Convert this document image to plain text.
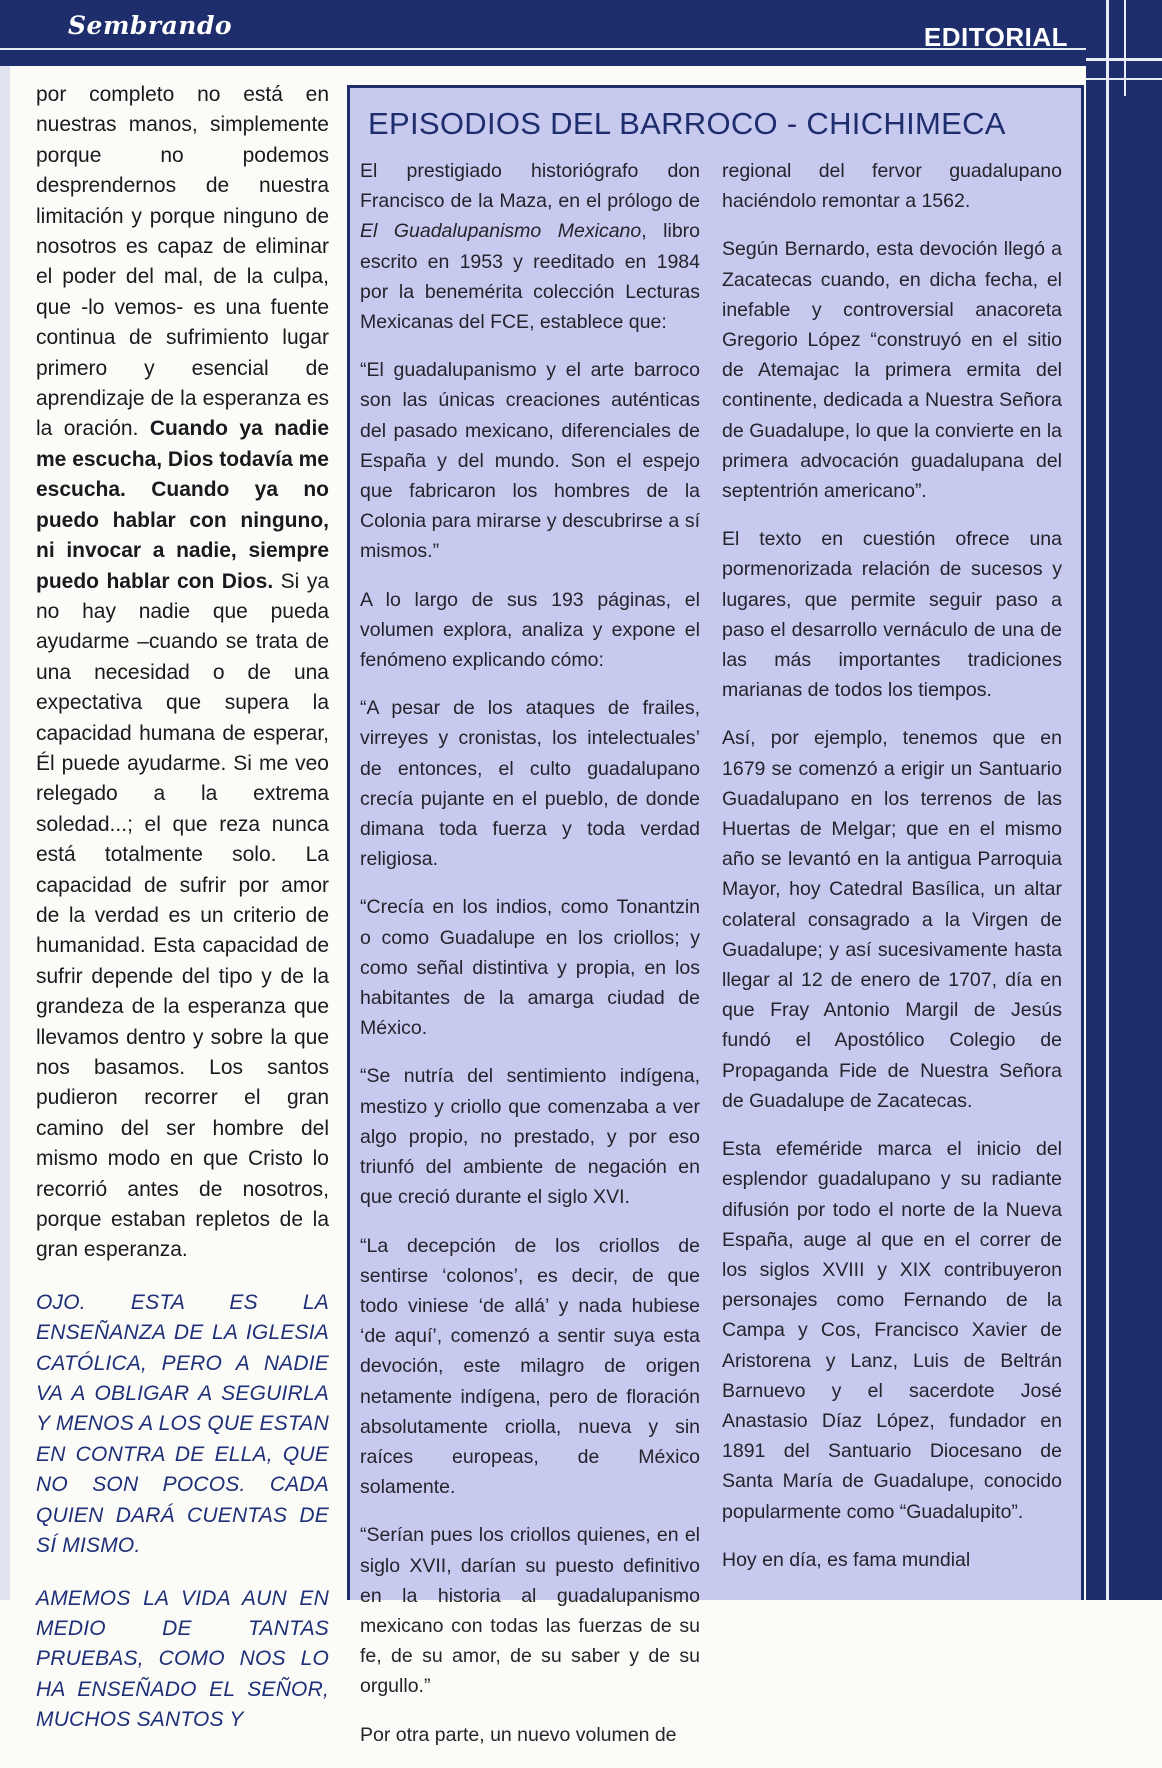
Sembrando	EDITORIAL

por completo no está en nuestras manos, simplemente porque no podemos desprendernos de nuestra limitación y porque ninguno de nosotros es capaz de eliminar el poder del mal, de la culpa, que -lo vemos- es una fuente continua de sufrimiento lugar primero y esencial de aprendizaje de la esperanza es la oración. Cuando ya nadie me escucha, Dios todavía me escucha. Cuando ya no puedo hablar con ninguno, ni invocar a nadie, siempre puedo hablar con Dios. Si ya no hay nadie que pueda ayudarme –cuando se trata de una necesidad o de una expectativa que supera la capacidad humana de esperar, Él puede ayudarme. Si me veo relegado a la extrema soledad...; el que reza nunca está totalmente solo. La capacidad de sufrir por amor de la verdad es un criterio de humanidad. Esta capacidad de sufrir depende del tipo y de la grandeza de la esperanza que llevamos dentro y sobre la que nos basamos. Los santos pudieron recorrer el gran camino del ser hombre del mismo modo en que Cristo lo recorrió antes de nosotros, porque estaban repletos de la gran esperanza.

OJO. ESTA ES LA ENSEÑANZA DE LA IGLESIA CATÓLICA, PERO A NADIE VA A OBLIGAR A SEGUIRLA Y MENOS A LOS QUE ESTAN EN CONTRA DE ELLA, QUE NO SON POCOS. CADA QUIEN DARÁ CUENTAS DE SÍ MISMO.

AMEMOS LA VIDA AUN EN MEDIO DE TANTAS PRUEBAS, COMO NOS LO HA ENSEÑADO EL SEÑOR, MUCHOS SANTOS Y

EPISODIOS DEL BARROCO - CHICHIMECA

El prestigiado historiógrafo don Francisco de la Maza, en el prólogo de El Guadalupanismo Mexicano, libro escrito en 1953 y reeditado en 1984 por la benemérita colección Lecturas Mexicanas del FCE, establece que:

“El guadalupanismo y el arte barroco son las únicas creaciones auténticas del pasado mexicano, diferenciales de España y del mundo. Son el espejo que fabricaron los hombres de la Colonia para mirarse y descubrirse a sí mismos.”

A lo largo de sus 193 páginas, el volumen explora, analiza y expone el fenómeno explicando cómo:

“A pesar de los ataques de frailes, virreyes y cronistas, los intelectuales’ de entonces, el culto guadalupano crecía pujante en el pueblo, de donde dimana toda fuerza y toda verdad religiosa.

“Crecía en los indios, como Tonantzin o como Guadalupe en los criollos; y como señal distintiva y propia, en los habitantes de la amarga ciudad de México.

“Se nutría del sentimiento indígena, mestizo y criollo que comenzaba a ver algo propio, no prestado, y por eso triunfó del ambiente de negación en que creció durante el siglo XVI.

“La decepción de los criollos de sentirse ‘colonos’, es decir, de que todo viniese ‘de allá’ y nada hubiese ‘de aquí’, comenzó a sentir suya esta devoción, este milagro de origen netamente indígena, pero de floración absolutamente criolla, nueva y sin raíces europeas, de México solamente.

“Serían pues los criollos quienes, en el siglo XVII, darían su puesto definitivo en la historia al guadalupanismo mexicano con todas las fuerzas de su fe, de su amor, de su saber y de su orgullo.”

Por otra parte, un nuevo volumen de

regional del fervor guadalupano haciéndolo remontar a 1562.

Según Bernardo, esta devoción llegó a Zacatecas cuando, en dicha fecha, el inefable y controversial anacoreta Gregorio López “construyó en el sitio de Atemajac la primera ermita del continente, dedicada a Nuestra Señora de Guadalupe, lo que la convierte en la primera advocación guadalupana del septentrión americano”.

El texto en cuestión ofrece una pormenorizada relación de sucesos y lugares, que permite seguir paso a paso el desarrollo vernáculo de una de las más importantes tradiciones marianas de todos los tiempos.

Así, por ejemplo, tenemos que en 1679 se comenzó a erigir un Santuario Guadalupano en los terrenos de las Huertas de Melgar; que en el mismo año se levantó en la antigua Parroquia Mayor, hoy Catedral Basílica, un altar colateral consagrado a la Virgen de Guadalupe; y así sucesivamente hasta llegar al 12 de enero de 1707, día en que Fray Antonio Margil de Jesús fundó el Apostólico Colegio de Propaganda Fide de Nuestra Señora de Guadalupe de Zacatecas.

Esta efeméride marca el inicio del esplendor guadalupano y su radiante difusión por todo el norte de la Nueva España, auge al que en el correr de los siglos XVIII y XIX contribuyeron personajes como Fernando de la Campa y Cos, Francisco Xavier de Aristorena y Lanz, Luis de Beltrán Barnuevo y el sacerdote José Anastasio Díaz López, fundador en 1891 del Santuario Diocesano de Santa María de Guadalupe, conocido popularmente como “Guadalupito”.

Hoy en día, es fama mundial
